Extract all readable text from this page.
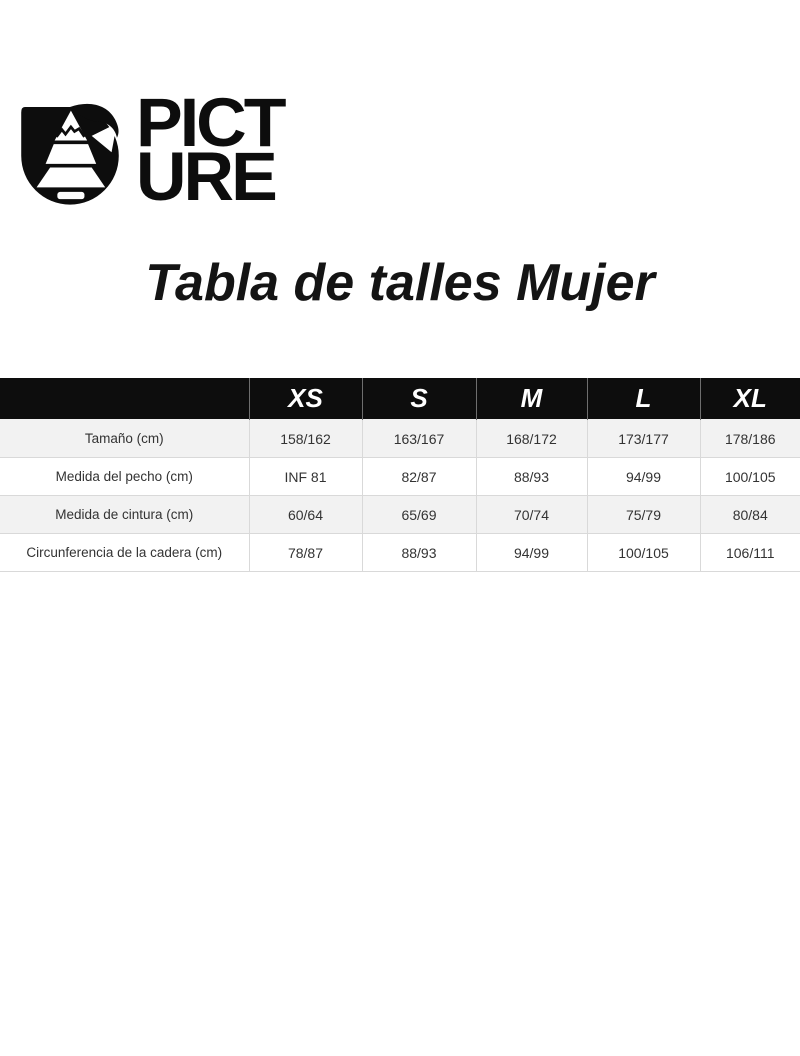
PICT
URE
Tabla de talles Mujer
	XS	S	M	L	XL
Tamaño (cm)	158/162	163/167	168/172	173/177	178/186
Medida del pecho (cm)	INF 81	82/87	88/93	94/99	100/105
Medida de cintura (cm)	60/64	65/69	70/74	75/79	80/84
Circunferencia de la cadera (cm)	78/87	88/93	94/99	100/105	106/111
